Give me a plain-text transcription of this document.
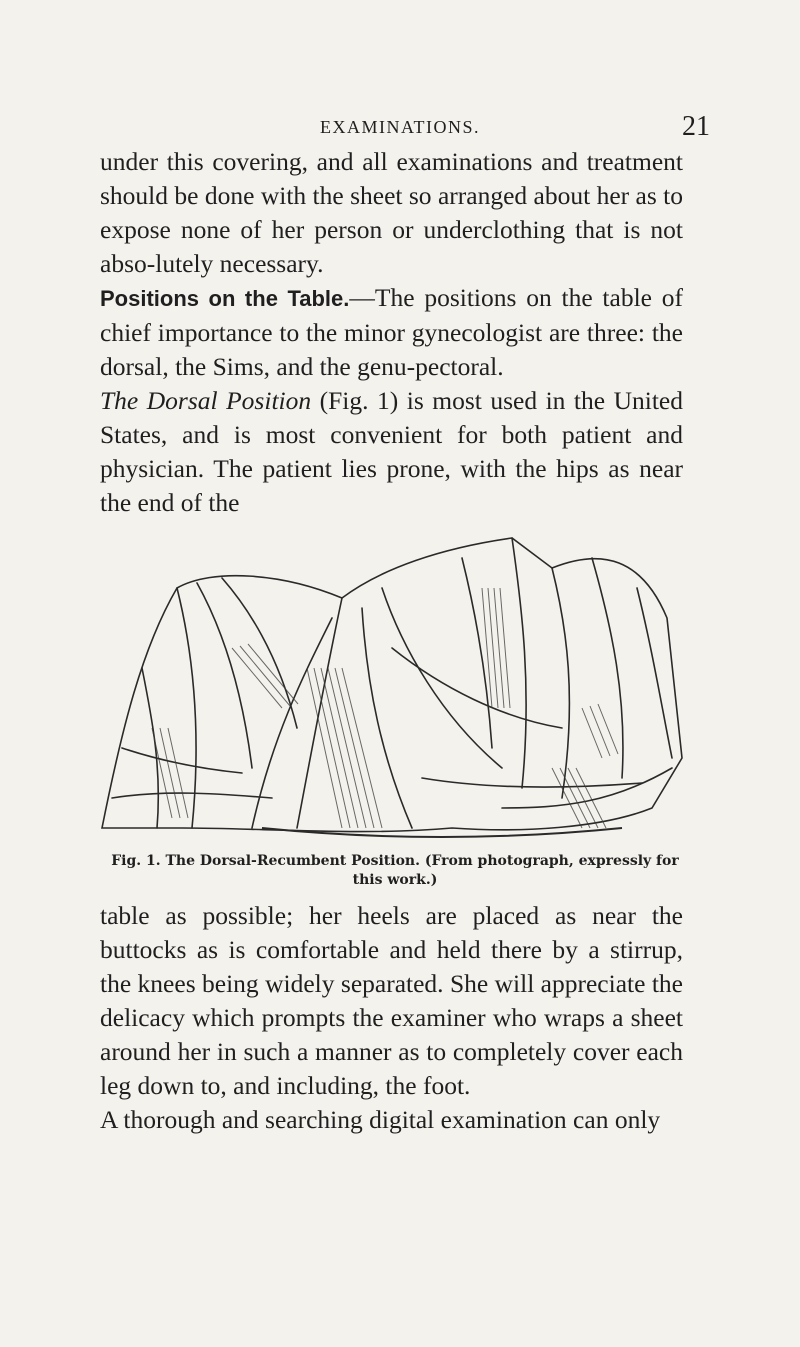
EXAMINATIONS.	21

under this covering, and all examinations and treatment should be done with the sheet so arranged about her as to expose none of her person or underclothing that is not abso-lutely necessary.

Positions on the Table.—The positions on the table of chief importance to the minor gynecologist are three: the dorsal, the Sims, and the genu-pectoral.

The Dorsal Position (Fig. 1) is most used in the United States, and is most convenient for both patient and physician. The patient lies prone, with the hips as near the end of the

Fig. 1. The Dorsal-Recumbent Position. (From photograph, expressly for
this work.)

table as possible; her heels are placed as near the buttocks as is comfortable and held there by a stirrup, the knees being widely separated. She will appreciate the delicacy which prompts the examiner who wraps a sheet around her in such a manner as to completely cover each leg down to, and including, the foot.

A thorough and searching digital examination can only
